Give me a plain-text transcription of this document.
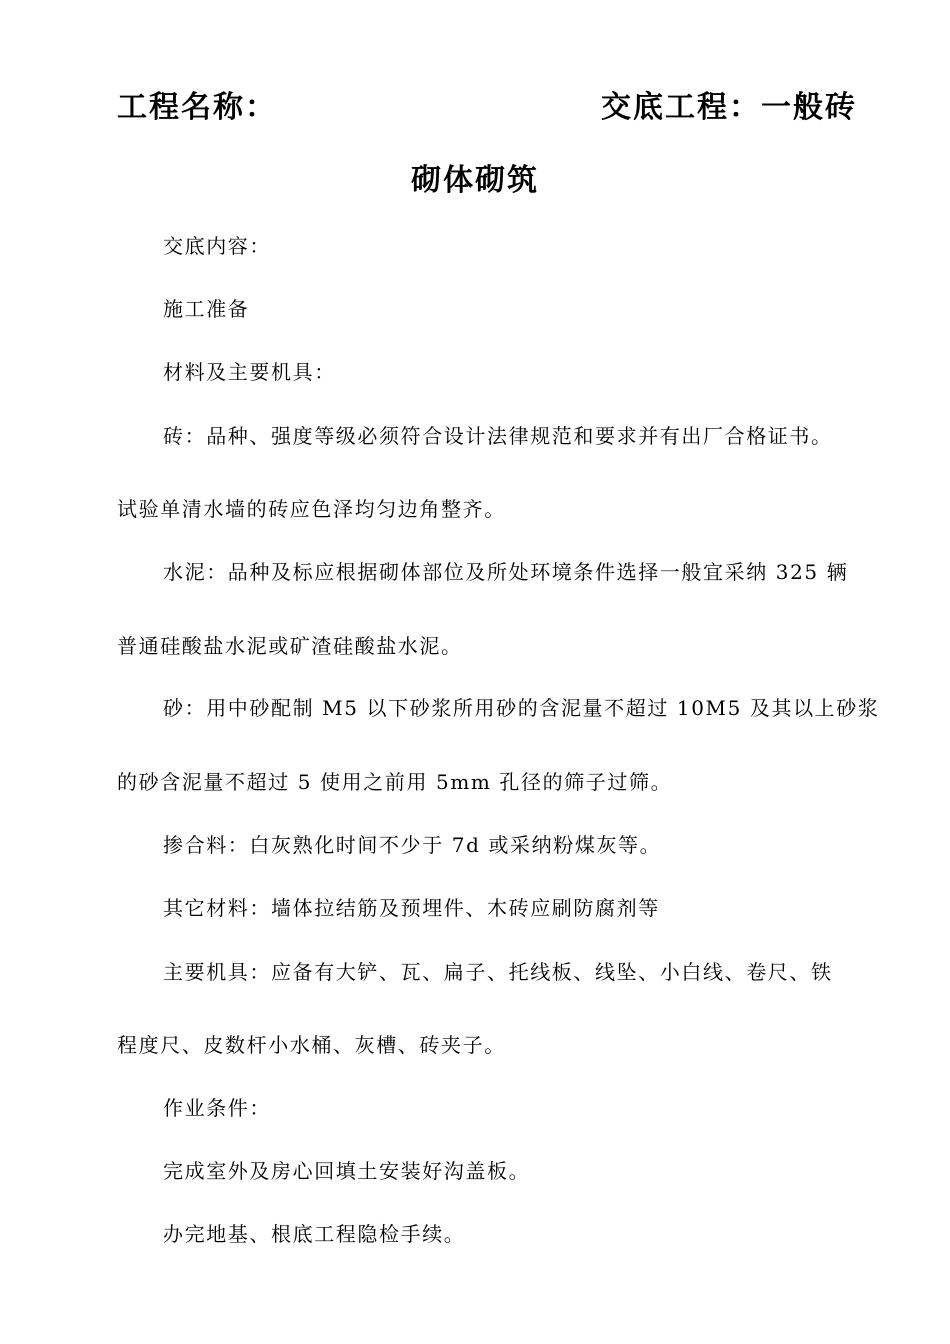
工程名称：	交底工程：一般砖
砌体砌筑
交底内容：
施工准备
材料及主要机具：
砖：品种、强度等级必须符合设计法律规范和要求并有出厂合格证书。
试验单清水墙的砖应色泽均匀边角整齐。
水泥：品种及标应根据砌体部位及所处环境条件选择一般宜采纳 325 辆
普通硅酸盐水泥或矿渣硅酸盐水泥。
砂：用中砂配制 M5 以下砂浆所用砂的含泥量不超过 10M5 及其以上砂浆
的砂含泥量不超过 5 使用之前用 5mm 孔径的筛子过筛。
掺合料：白灰熟化时间不少于 7d 或采纳粉煤灰等。
其它材料：墙体拉结筋及预埋件、木砖应刷防腐剂等
主要机具：应备有大铲、瓦、扁子、托线板、线坠、小白线、卷尺、铁
程度尺、皮数杆小水桶、灰槽、砖夹子。
作业条件：
完成室外及房心回填土安装好沟盖板。
办完地基、根底工程隐检手续。
